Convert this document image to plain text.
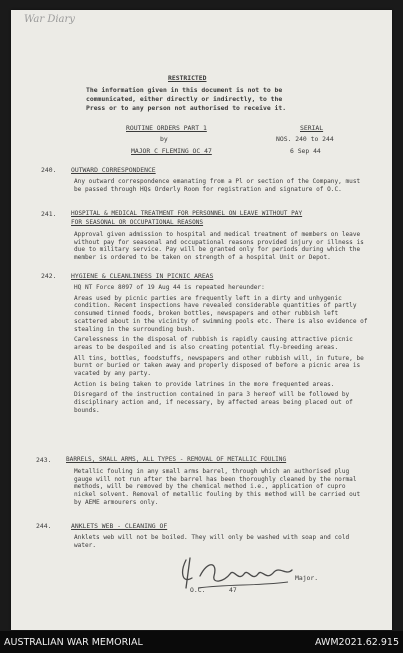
War Diary
RESTRICTED
The information given in this document is not to be
communicated, either directly or indirectly, to the
Press or to any person not authorised to receive it.
ROUTINE ORDERS PART 1
by
MAJOR C FLEMING OC 47
SERIAL
NOS. 240 to 244
6 Sep 44
240. OUTWARD CORRESPONDENCE

Any outward correspondence emanating from a Pl or section of the Company, must be passed through HQs Orderly Room for registration and signature of O.C.

241. HOSPITAL & MEDICAL TREATMENT FOR PERSONNEL ON LEAVE WITHOUT PAY
FOR SEASONAL OR OCCUPATIONAL REASONS

Approval given admission to hospital and medical treatment of members on leave without pay for seasonal and occupational reasons provided injury or illness is due to military service. Pay will be granted only for periods during which the member is ordered to be taken on strength of a hospital Unit or Depot.

242. HYGIENE & CLEANLINESS IN PICNIC AREAS

HQ NT Force 8097 of 19 Aug 44 is repeated hereunder:

Areas used by picnic parties are frequently left in a dirty and unhygenic condition. Recent inspections have revealed considerable quantities of partly consumed tinned foods, broken bottles, newspapers and other rubbish left scattered about in the vicinity of swimming pools etc. There is also evidence of stealing in the surrounding bush.

Carelessness in the disposal of rubbish is rapidly causing attractive picnic areas to be despoiled and is also creating potential fly-breeding areas.

All tins, bottles, foodstuffs, newspapers and other rubbish will, in future, be burnt or buried or taken away and properly disposed of before a picnic area is vacated by any party.

Action is being taken to provide latrines in the more frequented areas.

Disregard of the instruction contained in para 3 hereof will be followed by disciplinary action and, if necessary, by affected areas being placed out of bounds.

243. BARRELS, SMALL ARMS, ALL TYPES - REMOVAL OF METALLIC FOULING

Metallic fouling in any small arms barrel, through which an authorised plug gauge will not run after the barrel has been thoroughly cleaned by the normal methods, will be removed by the chemical method i.e., application of cupro nickel solvent. Removal of metallic fouling by this method will be carried out by AEME armourers only.

244.	ANKLETS WEB - CLEANING OF

Anklets web will not be boiled. They will only be washed with soap and cold water.

Major.
O.C.	47
AUSTRALIAN WAR MEMORIAL	AWM2021.62.915
